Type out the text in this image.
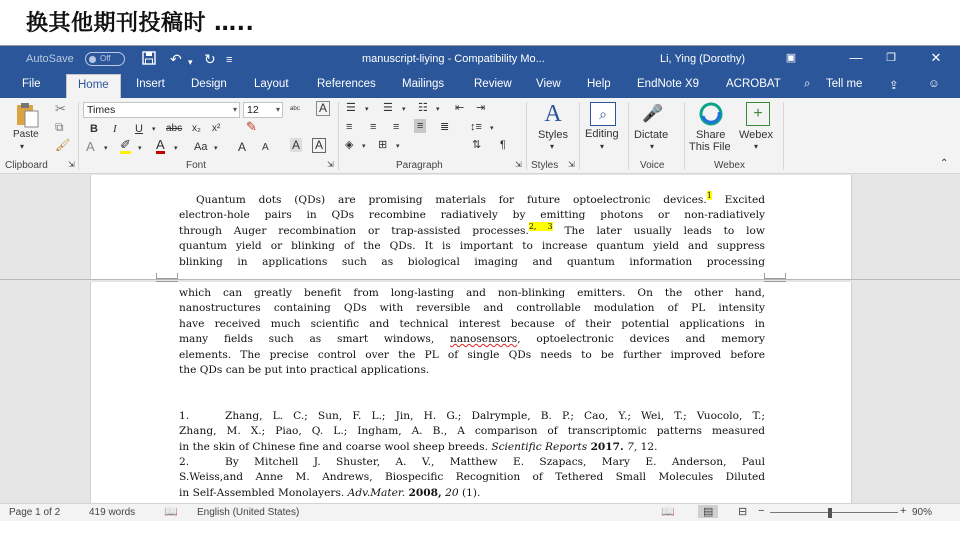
换其他期刊投稿时 …..
AutoSave	Off	↶ ▾ ↻ ≡	manuscript-liying - Compatibility Mo...	Li, Ying (Dorothy)	▣	—	❐	✕
File	Home	Insert Design Layout References Mailings	Review View Help EndNote X9 ACROBAT ⌕ Tell me ⇪	☺
Paste
▾
✂
⧉
🖌
Clipboard	⇲
Times	▾ 12 ▾ ᵃᵇᶜ A
B I U ▾ abc x₂ x² ✎
A ▾ ✐ ▾ A ▾ Aa ▾ A A A A
Font	⇲
☰ ▾ ☰ ▾ ☷ ▾ ⇤ ⇥
≡ ≡ ≡ ≡ ≣ ↕≡ ▾
◈ ▾ ⊞ ▾	⇅ ¶
Paragraph	⇲
A
Styles
▾
Styles ⇲
⌕
Editing
▾
🎤
Dictate
▾
Voice
Share
This File
+
Webex
▾
Webex	⌃
Quantum dots (QDs) are promising materials for future optoelectronic devices.$^1$ Excited
electron-hole pairs in QDs recombine radiatively by emitting photons or non-radiatively
through Auger recombination or trap-assisted processes.$^{2, 3}$ The later usually leads to low
quantum yield or blinking of the QDs. It is important to increase quantum yield and suppress
blinking in applications such as biological imaging and quantum information processing
which can greatly benefit from long-lasting and non-blinking emitters. On the other hand,
nanostructures containing QDs with reversible and controllable modulation of PL intensity
have received much scientific and technical interest because of their potential applications in
many fields such as smart windows, nanosensors, optoelectronic devices and memory
elements. The precise control over the PL of single QDs needs to be further improved before
the QDs can be put into practical applications.
1.	Zhang, L. C.; Sun, F. L.; Jin, H. G.; Dalrymple, B. P.; Cao, Y.; Wei, T.; Vuocolo, T.;
Zhang, M. X.; Piao, Q. L.; Ingham, A. B., A comparison of transcriptomic patterns measured
in the skin of Chinese fine and coarse wool sheep breeds. Scientific Reports 2017. 7, 12.
2.	By Mitchell J. Shuster, A. V., Matthew E. Szapacs, Mary E. Anderson, Paul
S.Weiss,and Anne M. Andrews, Biospecific Recognition of Tethered Small Molecules Diluted
in Self-Assembled Monolayers. Adv.Mater. 2008, 20 (1).
Page 1 of 2	419 words	📖 English (United States)	📖	▤	⊟ −	+ 90%
